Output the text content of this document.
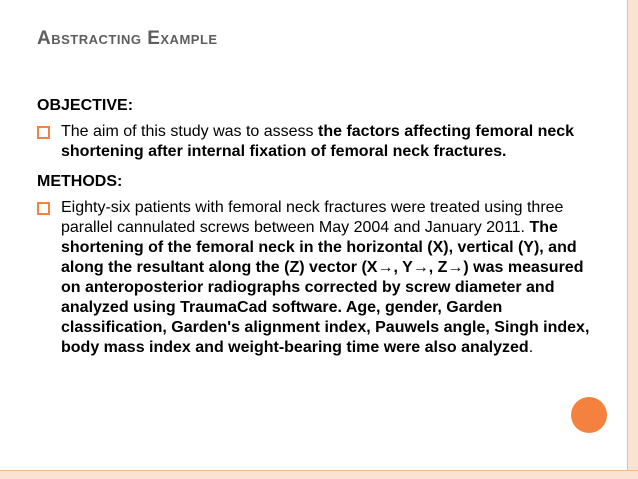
Abstracting Example
OBJECTIVE:
The aim of this study was to assess the factors affecting femoral neck shortening after internal fixation of femoral neck fractures.
METHODS:
Eighty-six patients with femoral neck fractures were treated using three parallel cannulated screws between May 2004 and January 2011. The shortening of the femoral neck in the horizontal (X), vertical (Y), and along the resultant along the (Z) vector (X→, Y→, Z→) was measured on anteroposterior radiographs corrected by screw diameter and analyzed using TraumaCad software. Age, gender, Garden classification, Garden's alignment index, Pauwels angle, Singh index, body mass index and weight-bearing time were also analyzed.
